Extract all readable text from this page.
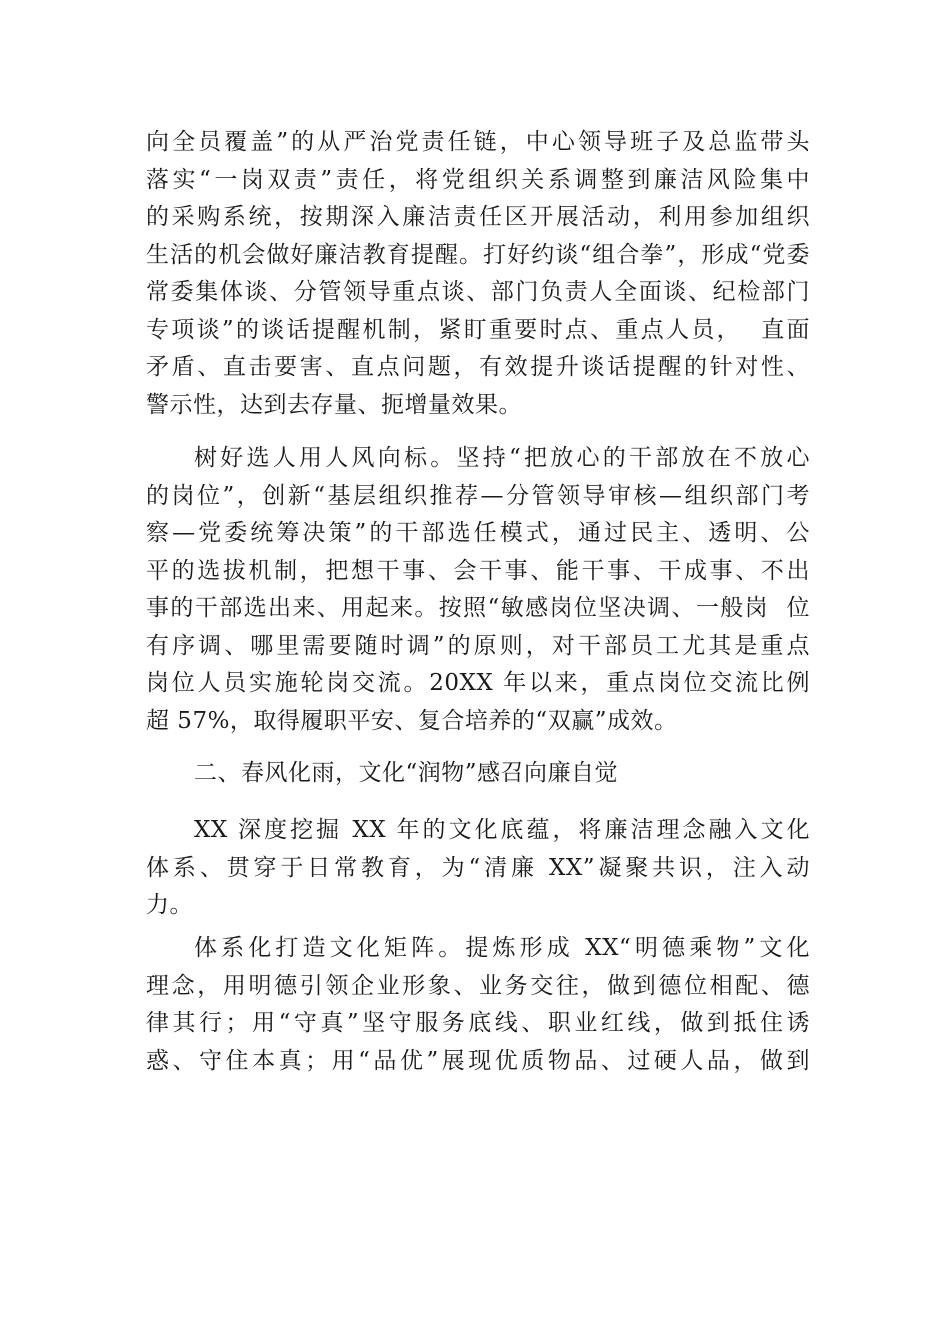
向全员覆盖”的从严治党责任链，中心领导班子及总监带头
落实“一岗双责”责任，将党组织关系调整到廉洁风险集中
的采购系统，按期深入廉洁责任区开展活动，利用参加组织
生活的机会做好廉洁教育提醒。打好约谈“组合拳”，形成“党委
常委集体谈、分管领导重点谈、部门负责人全面谈、纪检部门
专项谈”的谈话提醒机制，紧盯重要时点、重点人员，  直面
矛盾、直击要害、直点问题，有效提升谈话提醒的针对性、
警示性，达到去存量、扼增量效果。
树好选人用人风向标。坚持“把放心的干部放在不放心
的岗位”，创新“基层组织推荐—分管领导审核—组织部门考
察—党委统筹决策”的干部选任模式，通过民主、透明、公
平的选拔机制，把想干事、会干事、能干事、干成事、不出
事的干部选出来、用起来。按照“敏感岗位坚决调、一般岗  位
有序调、哪里需要随时调”的原则，对干部员工尤其是重点
岗位人员实施轮岗交流。20XX 年以来，重点岗位交流比例
超 57%，取得履职平安、复合培养的“双赢”成效。
二、春风化雨，文化“润物”感召向廉自觉
XX 深度挖掘 XX 年的文化底蕴，将廉洁理念融入文化
体系、贯穿于日常教育，为“清廉 XX”凝聚共识，注入动
力。
体系化打造文化矩阵。提炼形成 XX“明德乘物”文化
理念，用明德引领企业形象、业务交往，做到德位相配、德
律其行；用“守真”坚守服务底线、职业红线，做到抵住诱
惑、守住本真；用“品优”展现优质物品、过硬人品，做到
